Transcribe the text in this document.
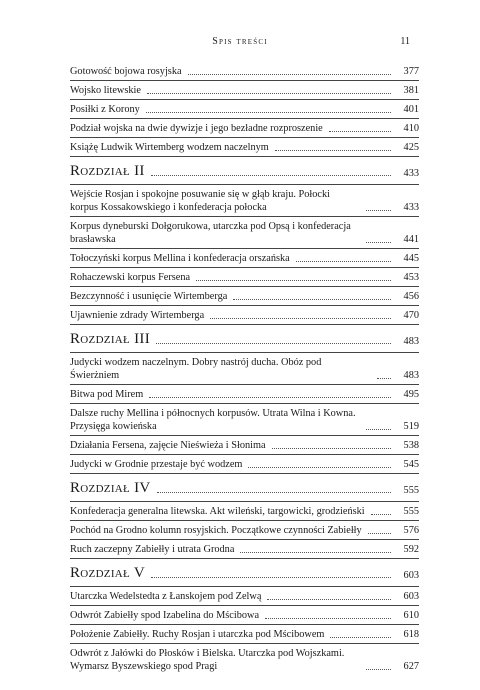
Spis treści	11
Gotowość bojowa rosyjska	377
Wojsko litewskie	381
Posiłki z Korony	401
Podział wojska na dwie dywizje i jego bezładne rozproszenie	410
Książę Ludwik Wirtemberg wodzem naczelnym	425
Rozdział II	433
Wejście Rosjan i spokojne posuwanie się w głąb kraju. Połocki korpus Kossakowskiego i konfederacja połocka	433
Korpus dyneburski Dołgorukowa, utarczka pod Opsą i konfederacja brasławska	441
Tołoczyński korpus Mellina i konfederacja orszańska	445
Rohaczewski korpus Fersena	453
Bezczynność i usunięcie Wirtemberga	456
Ujawnienie zdrady Wirtemberga	470
Rozdział III	483
Judycki wodzem naczelnym. Dobry nastrój ducha. Obóz pod Świerżniem	483
Bitwa pod Mirem	495
Dalsze ruchy Mellina i północnych korpusów. Utrata Wilna i Kowna. Przysięga kowieńska	519
Działania Fersena, zajęcie Nieświeża i Słonima	538
Judycki w Grodnie przestaje być wodzem	545
Rozdział IV	555
Konfederacja generalna litewska. Akt wileński, targowicki, grodzieński	555
Pochód na Grodno kolumn rosyjskich. Początkowe czynności Zabiełły	576
Ruch zaczepny Zabiełły i utrata Grodna	592
Rozdział V	603
Utarczka Wedelstedta z Łanskojem pod Zelwą	603
Odwrót Zabiełły spod Izabelina do Mścibowa	610
Położenie Zabiełły. Ruchy Rosjan i utarczka pod Mścibowem	618
Odwrót z Jałówki do Płosków i Bielska. Utarczka pod Wojszkami. Wymarsz Byszewskiego spod Pragi	627
